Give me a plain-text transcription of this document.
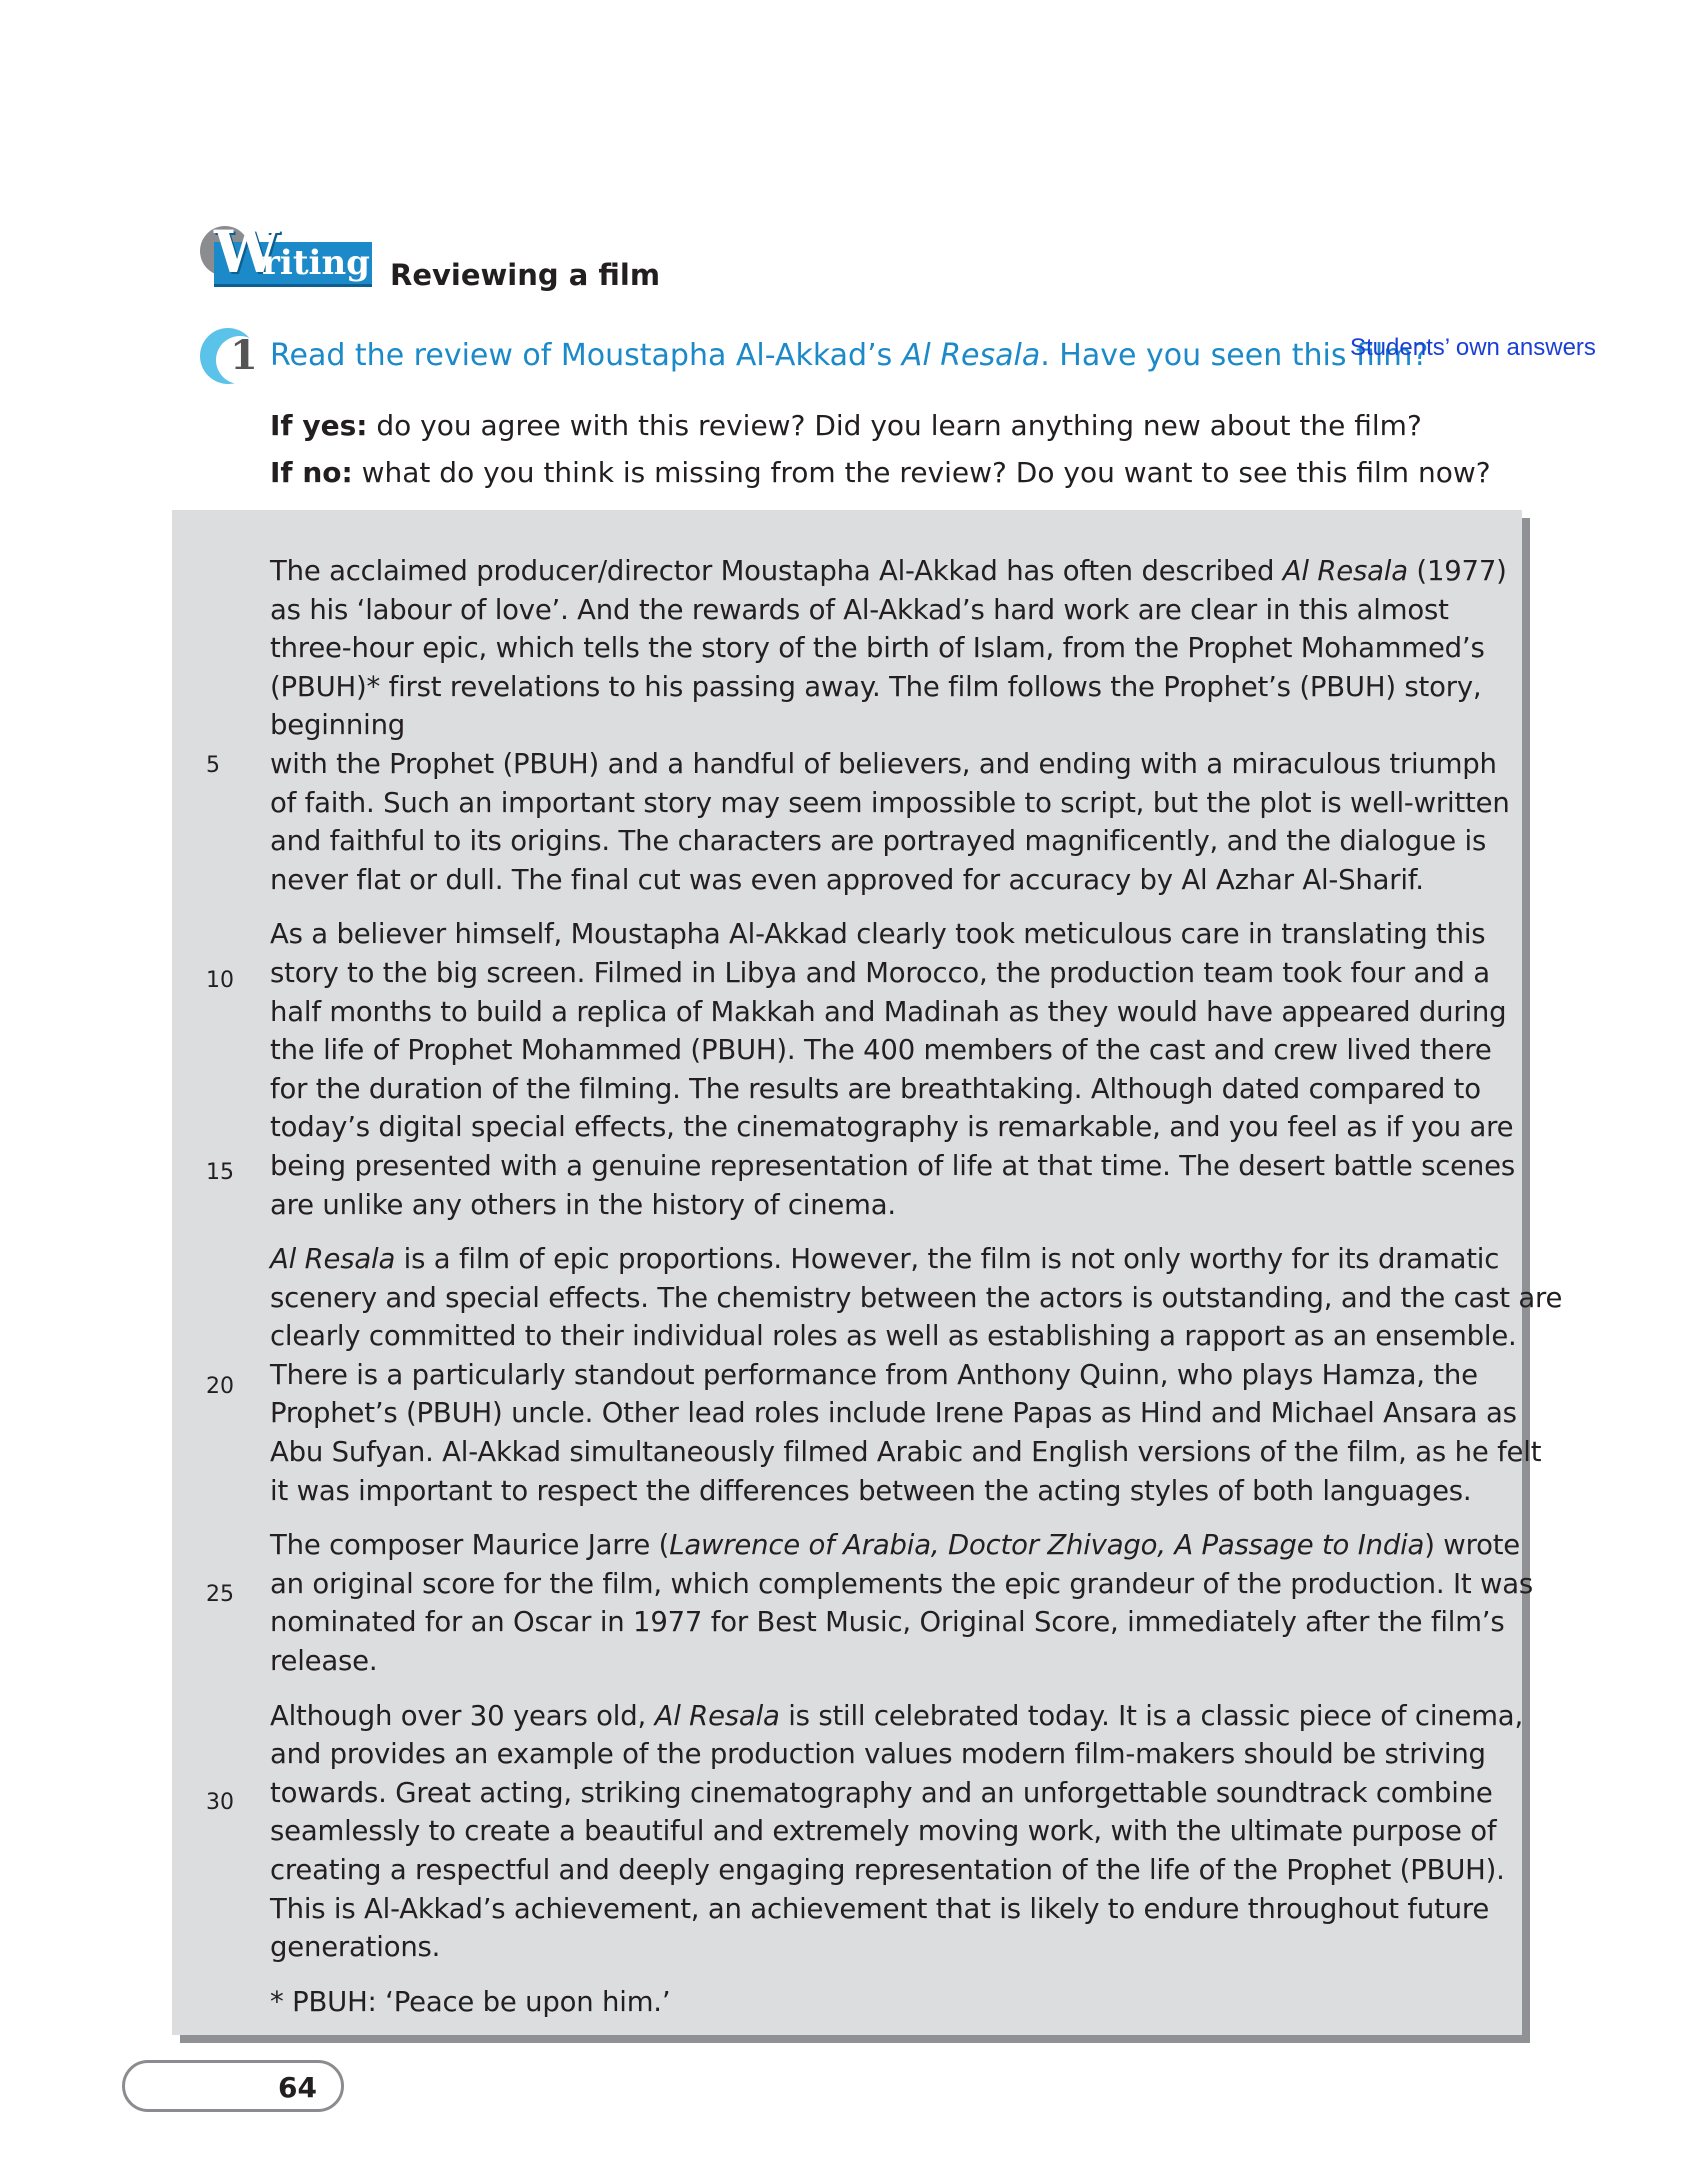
W
riting Reviewing a film
1 Read the review of Moustapha Al-Akkad’s Al Resala. Have you seen this film?
Students’ own answers
If yes: do you agree with this review? Did you learn anything new about the film?
If no: what do you think is missing from the review? Do you want to see this film now?

The acclaimed producer/director Moustapha Al-Akkad has often described Al Resala (1977)
as his ‘labour of love’. And the rewards of Al-Akkad’s hard work are clear in this almost
three-hour epic, which tells the story of the birth of Islam, from the Prophet Mohammed’s
(PBUH)* first revelations to his passing away. The film follows the Prophet’s (PBUH) story,
beginning
with the Prophet (PBUH) and a handful of believers, and ending with a miraculous triumph
of faith. Such an important story may seem impossible to script, but the plot is well-written
and faithful to its origins. The characters are portrayed magnificently, and the dialogue is
never flat or dull. The final cut was even approved for accuracy by Al Azhar Al-Sharif.

As a believer himself, Moustapha Al-Akkad clearly took meticulous care in translating this
story to the big screen. Filmed in Libya and Morocco, the production team took four and a
half months to build a replica of Makkah and Madinah as they would have appeared during
the life of Prophet Mohammed (PBUH). The 400 members of the cast and crew lived there
for the duration of the filming. The results are breathtaking. Although dated compared to
today’s digital special effects, the cinematography is remarkable, and you feel as if you are
being presented with a genuine representation of life at that time. The desert battle scenes
are unlike any others in the history of cinema.

Al Resala is a film of epic proportions. However, the film is not only worthy for its dramatic
scenery and special effects. The chemistry between the actors is outstanding, and the cast are
clearly committed to their individual roles as well as establishing a rapport as an ensemble.
There is a particularly standout performance from Anthony Quinn, who plays Hamza, the
Prophet’s (PBUH) uncle. Other lead roles include Irene Papas as Hind and Michael Ansara as
Abu Sufyan. Al-Akkad simultaneously filmed Arabic and English versions of the film, as he felt
it was important to respect the differences between the acting styles of both languages.

The composer Maurice Jarre (Lawrence of Arabia, Doctor Zhivago, A Passage to India) wrote
an original score for the film, which complements the epic grandeur of the production. It was
nominated for an Oscar in 1977 for Best Music, Original Score, immediately after the film’s
release.

Although over 30 years old, Al Resala is still celebrated today. It is a classic piece of cinema,
and provides an example of the production values modern film-makers should be striving
towards. Great acting, striking cinematography and an unforgettable soundtrack combine
seamlessly to create a beautiful and extremely moving work, with the ultimate purpose of
creating a respectful and deeply engaging representation of the life of the Prophet (PBUH).
This is Al-Akkad’s achievement, an achievement that is likely to endure throughout future
generations.

* PBUH: ‘Peace be upon him.’

5
10
15
20
25
30
64
